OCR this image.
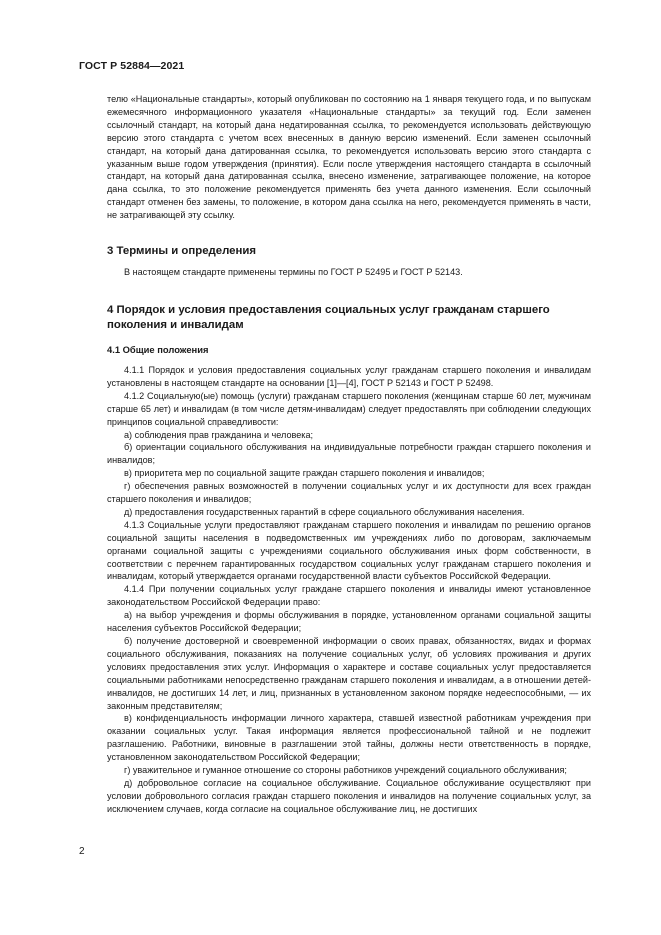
ГОСТ Р 52884—2021

телю «Национальные стандарты», который опубликован по состоянию на 1 января текущего года, и по выпускам ежемесячного информационного указателя «Национальные стандарты» за текущий год. Если заменен ссылочный стандарт, на который дана недатированная ссылка, то рекомендуется использовать действующую версию этого стандарта с учетом всех внесенных в данную версию изменений. Если заменен ссылочный стандарт, на который дана датированная ссылка, то рекомендуется использовать версию этого стандарта с указанным выше годом утверждения (принятия). Если после утверждения настоящего стандарта в ссылочный стандарт, на который дана датированная ссылка, внесено изменение, затрагивающее положение, на которое дана ссылка, то это положение рекомендуется применять без учета данного изменения. Если ссылочный стандарт отменен без замены, то положение, в котором дана ссылка на него, рекомендуется применять в части, не затрагивающей эту ссылку.

3 Термины и определения

В настоящем стандарте применены термины по ГОСТ Р 52495 и ГОСТ Р 52143.

4 Порядок и условия предоставления социальных услуг гражданам старшего поколения и инвалидам
4.1 Общие положения

4.1.1 Порядок и условия предоставления социальных услуг гражданам старшего поколения и инвалидам установлены в настоящем стандарте на основании [1]—[4], ГОСТ Р 52143 и ГОСТ Р 52498.

4.1.2 Социальную(ые) помощь (услуги) гражданам старшего поколения (женщинам старше 60 лет, мужчинам старше 65 лет) и инвалидам (в том числе детям-инвалидам) следует предоставлять при соблюдении следующих принципов социальной справедливости:

а) соблюдения прав гражданина и человека;

б) ориентации социального обслуживания на индивидуальные потребности граждан старшего поколения и инвалидов;

в) приоритета мер по социальной защите граждан старшего поколения и инвалидов;

г) обеспечения равных возможностей в получении социальных услуг и их доступности для всех граждан старшего поколения и инвалидов;

д) предоставления государственных гарантий в сфере социального обслуживания населения.

4.1.3 Социальные услуги предоставляют гражданам старшего поколения и инвалидам по решению органов социальной защиты населения в подведомственных им учреждениях либо по договорам, заключаемым органами социальной защиты с учреждениями социального обслуживания иных форм собственности, в соответствии с перечнем гарантированных государством социальных услуг гражданам старшего поколения и инвалидам, который утверждается органами государственной власти субъектов Российской Федерации.

4.1.4 При получении социальных услуг граждане старшего поколения и инвалиды имеют установленное законодательством Российской Федерации право:

а) на выбор учреждения и формы обслуживания в порядке, установленном органами социальной защиты населения субъектов Российской Федерации;

б) получение достоверной и своевременной информации о своих правах, обязанностях, видах и формах социального обслуживания, показаниях на получение социальных услуг, об условиях проживания и других условиях предоставления этих услуг. Информация о характере и составе социальных услуг предоставляется социальными работниками непосредственно гражданам старшего поколения и инвалидам, а в отношении детей-инвалидов, не достигших 14 лет, и лиц, признанных в установленном законом порядке недееспособными, — их законным представителям;

в) конфиденциальность информации личного характера, ставшей известной работникам учреждения при оказании социальных услуг. Такая информация является профессиональной тайной и не подлежит разглашению. Работники, виновные в разглашении этой тайны, должны нести ответственность в порядке, установленном законодательством Российской Федерации;

г) уважительное и гуманное отношение со стороны работников учреждений социального обслуживания;

д) добровольное согласие на социальное обслуживание. Социальное обслуживание осуществляют при условии добровольного согласия граждан старшего поколения и инвалидов на получение социальных услуг, за исключением случаев, когда согласие на социальное обслуживание лиц, не достигших

2
